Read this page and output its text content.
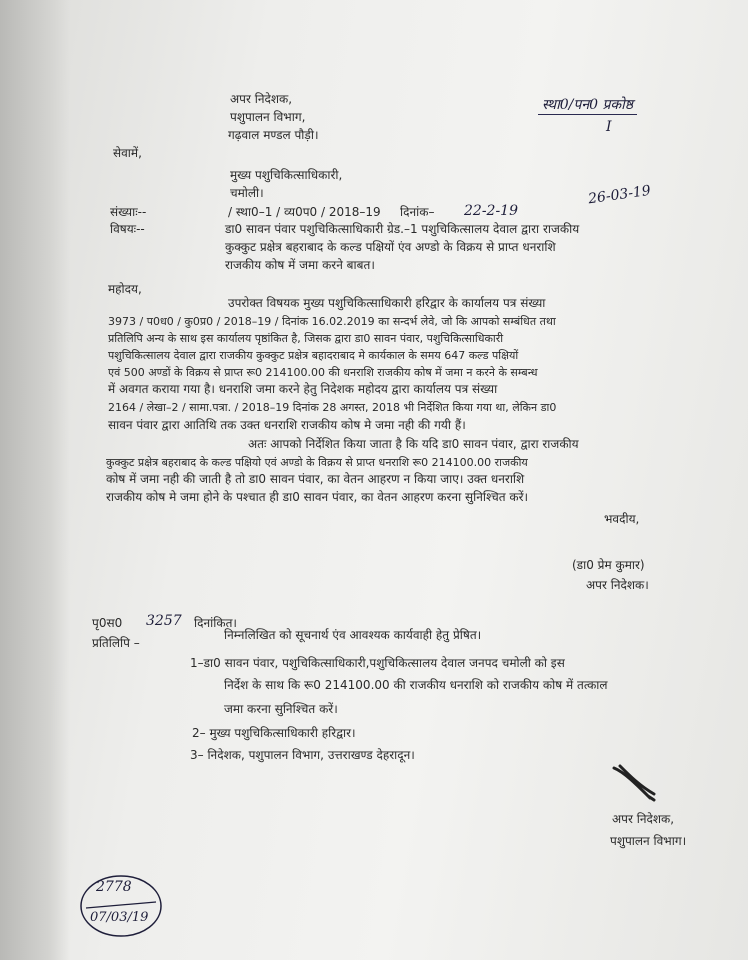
अपर निदेशक,
पशुपालन विभाग,
गढ़वाल मण्डल पौड़ी।
स्था0/पन0 प्रकोष्ठ
I
सेवामें,
मुख्य पशुचिकित्साधिकारी,
चमोली।	26-03-19
संख्याः--	/ स्था0–1 / व्य0प0 / 2018–19 दिनांक– 22-2-19
विषयः--	डा0 सावन पंवार पशुचिकित्साधिकारी ग्रेड.–1 पशुचिकित्सालय देवाल द्वारा राजकीय
कुक्कुट प्रक्षेत्र बहराबाद के कल्ड पक्षियों एंव अण्डो के विक्रय से प्राप्त धनराशि
राजकीय कोष में जमा करने बाबत।
महोदय,
उपरोक्त विषयक मुख्य पशुचिकित्साधिकारी हरिद्वार के कार्यालय पत्र संख्या
3973 / प0ध0 / कु0प्र0 / 2018–19 / दिनांक 16.02.2019 का सन्दर्भ लेवे, जो कि आपको सम्बंधित तथा
प्रतिलिपि अन्य के साथ इस कार्यालय पृष्ठांकित है, जिसक द्वारा डा0 सावन पंवार, पशुचिकित्साधिकारी
पशुचिकित्सालय देवाल द्वारा राजकीय कुक्कुट प्रक्षेत्र बहादराबाद मे कार्यकाल के समय 647 कल्ड पक्षियों
एवं 500 अण्डों के विक्रय से प्राप्त रू0 214100.00 की धनराशि राजकीय कोष में जमा न करने के सम्बन्ध
में अवगत कराया गया है। धनराशि जमा करने हेतु निदेशक महोदय द्वारा कार्यालय पत्र संख्या
2164 / लेखा–2 / सामा.पत्रा. / 2018–19 दिनांक 28 अगस्त, 2018 भी निर्देशित किया गया था, लेकिन डा0
सावन पंवार द्वारा आतिथि तक उक्त धनराशि राजकीय कोष मे जमा नही की गयी हैं।
अतः आपको निर्देशित किया जाता है कि यदि डा0 सावन पंवार, द्वारा राजकीय
कुक्कुट प्रक्षेत्र बहराबाद के कल्ड पक्षियो एवं अण्डो के विक्रय से प्राप्त धनराशि रू0 214100.00 राजकीय
कोष में जमा नही की जाती है तो डा0 सावन पंवार, का वेतन आहरण न किया जाए। उक्त धनराशि
राजकीय कोष मे जमा होने के पश्चात ही डा0 सावन पंवार, का वेतन आहरण करना सुनिश्चित करें।
भवदीय,
(डा0 प्रेम कुमार)
अपर निदेशक।
पृ0स0 3257 दिनांकित।
प्रतिलिपि –
निम्नलिखित को सूचनार्थ एंव आवश्यक कार्यवाही हेतु प्रेषित।
1–डा0 सावन पंवार, पशुचिकित्साधिकारी,पशुचिकित्सालय देवाल जनपद चमोली को इस
निर्देश के साथ कि रू0 214100.00 की राजकीय धनराशि को राजकीय कोष में तत्काल
जमा करना सुनिश्चित करें।
2– मुख्य पशुचिकित्साधिकारी हरिद्वार।
3– निदेशक, पशुपालन विभाग, उत्तराखण्ड देहरादून।
अपर निदेशक,
पशुपालन विभाग।
2778
07/03/19
